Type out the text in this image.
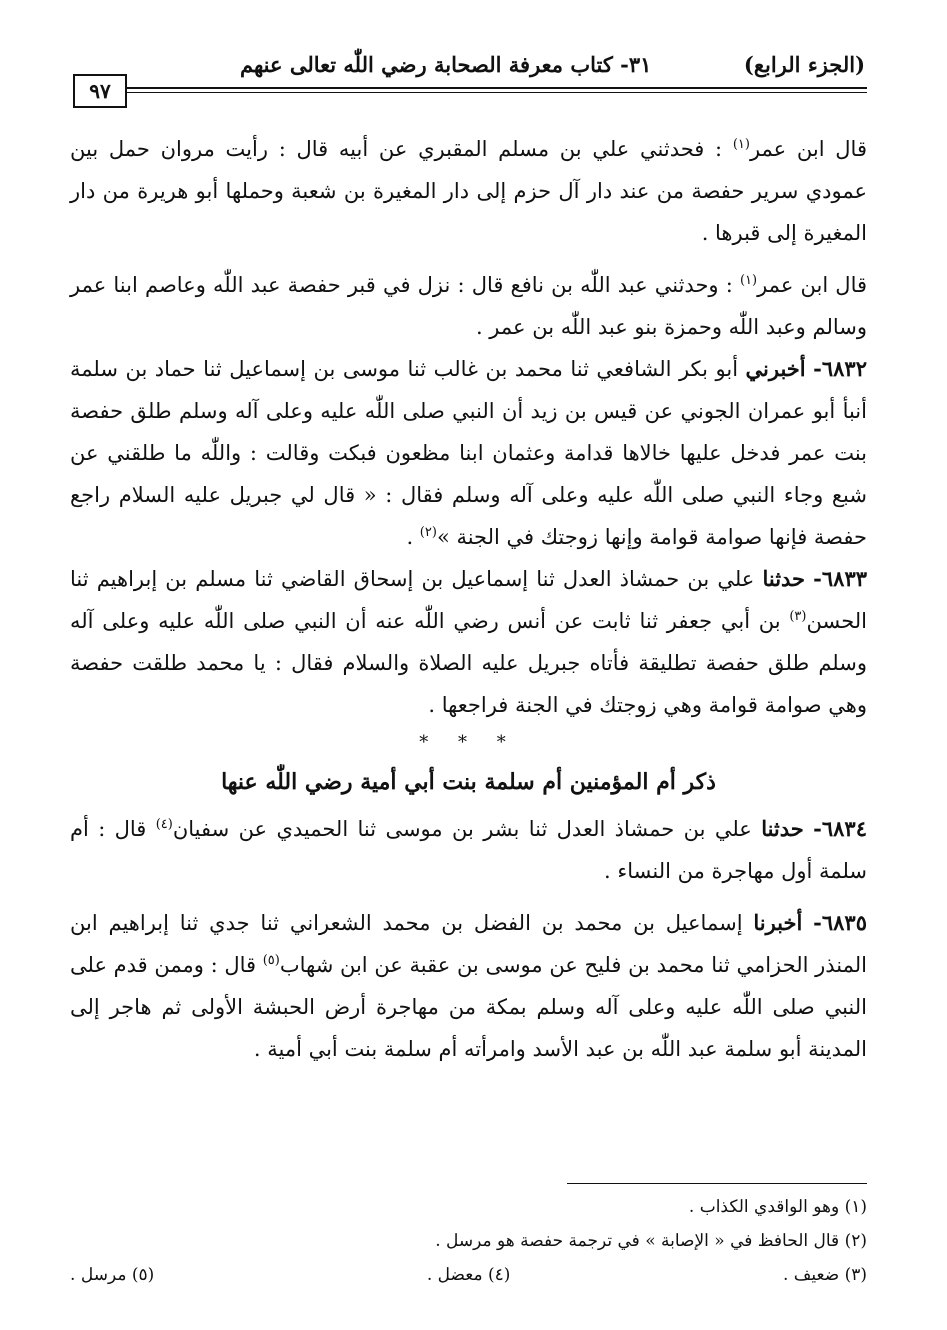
(الجزء الرابع)
٣١- كتاب معرفة الصحابة رضي اللّٰه تعالى عنهم
٩٧

قال ابن عمر$^{(١)}$ : فحدثني علي بن مسلم المقبري عن أبيه قال : رأيت مروان حمل بين عمودي سرير حفصة من عند دار آل حزم إلى دار المغيرة بن شعبة وحملها أبو هريرة من دار المغيرة إلى قبرها .

قال ابن عمر$^{(١)}$ : وحدثني عبد اللّٰه بن نافع قال : نزل في قبر حفصة عبد اللّٰه وعاصم ابنا عمر وسالم وعبد اللّٰه وحمزة بنو عبد اللّٰه بن عمر .

٦٨٣٢- أخبرني أبو بكر الشافعي ثنا محمد بن غالب ثنا موسى بن إسماعيل ثنا حماد بن سلمة أنبأ أبو عمران الجوني عن قيس بن زيد أن النبي صلى اللّٰه عليه وعلى آله وسلم طلق حفصة بنت عمر فدخل عليها خالاها قدامة وعثمان ابنا مظعون فبكت وقالت : واللّٰه ما طلقني عن شبع وجاء النبي صلى اللّٰه عليه وعلى آله وسلم فقال : « قال لي جبريل عليه السلام راجع حفصة فإنها صوامة قوامة وإنها زوجتك في الجنة »$^{(٢)}$ .

٦٨٣٣- حدثنا علي بن حمشاذ العدل ثنا إسماعيل بن إسحاق القاضي ثنا مسلم بن إبراهيم ثنا الحسن$^{(٣)}$ بن أبي جعفر ثنا ثابت عن أنس رضي اللّٰه عنه أن النبي صلى اللّٰه عليه وعلى آله وسلم طلق حفصة تطليقة فأتاه جبريل عليه الصلاة والسلام فقال : يا محمد طلقت حفصة وهي صوامة قوامة وهي زوجتك في الجنة فراجعها .

* * *

ذكر أم المؤمنين أم سلمة بنت أبي أمية رضي اللّٰه عنها

٦٨٣٤- حدثنا علي بن حمشاذ العدل ثنا بشر بن موسى ثنا الحميدي عن سفيان$^{(٤)}$ قال : أم سلمة أول مهاجرة من النساء .

٦٨٣٥- أخبرنا إسماعيل بن محمد بن الفضل بن محمد الشعراني ثنا جدي ثنا إبراهيم ابن المنذر الحزامي ثنا محمد بن فليح عن موسى بن عقبة عن ابن شهاب$^{(٥)}$ قال : وممن قدم على النبي صلى اللّٰه عليه وعلى آله وسلم بمكة من مهاجرة أرض الحبشة الأولى ثم هاجر إلى المدينة أبو سلمة عبد اللّٰه بن عبد الأسد وامرأته أم سلمة بنت أبي أمية .

(١) وهو الواقدي الكذاب .

(٢) قال الحافظ في « الإصابة » في ترجمة حفصة هو مرسل .

(٣) ضعيف .
(٤) معضل .
(٥) مرسل .
